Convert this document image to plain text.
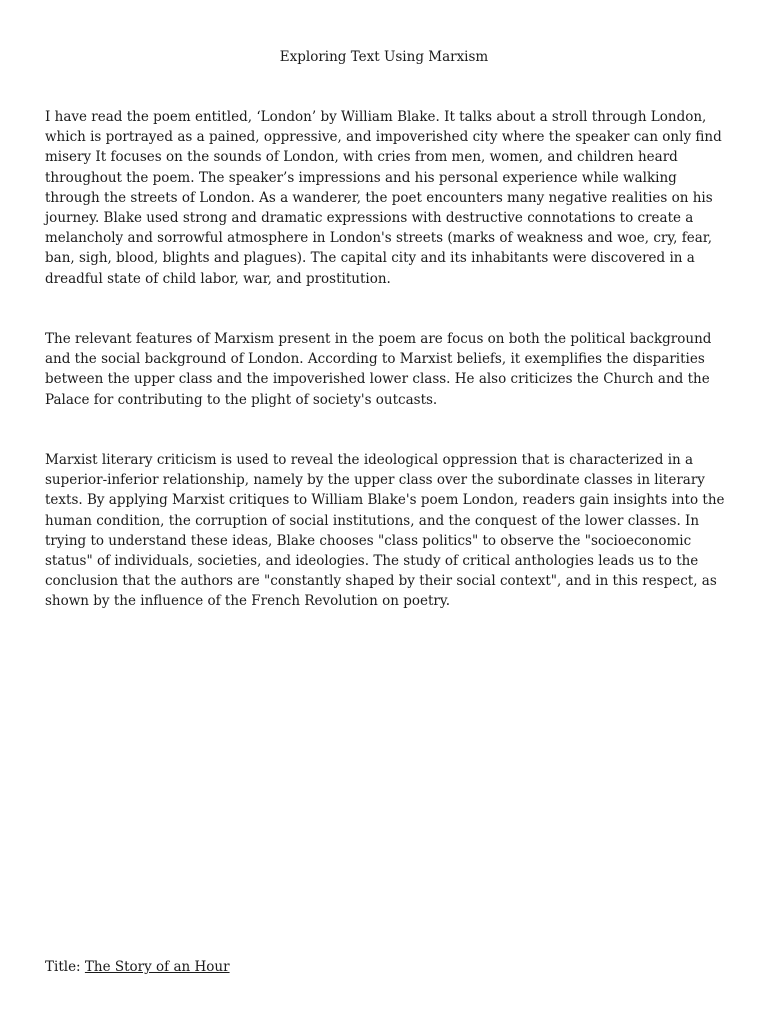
Exploring Text Using Marxism

I have read the poem entitled, ‘London’ by William Blake. It talks about a stroll through London, which is portrayed as a pained, oppressive, and impoverished city where the speaker can only find misery It focuses on the sounds of London, with cries from men, women, and children heard throughout the poem. The speaker’s impressions and his personal experience while walking through the streets of London. As a wanderer, the poet encounters many negative realities on his journey. Blake used strong and dramatic expressions with destructive connotations to create a melancholy and sorrowful atmosphere in London's streets (marks of weakness and woe, cry, fear, ban, sigh, blood, blights and plagues). The capital city and its inhabitants were discovered in a dreadful state of child labor, war, and prostitution.

The relevant features of Marxism present in the poem are focus on both the political background and the social background of London. According to Marxist beliefs, it exemplifies the disparities between the upper class and the impoverished lower class. He also criticizes the Church and the Palace for contributing to the plight of society's outcasts.

Marxist literary criticism is used to reveal the ideological oppression that is characterized in a superior-inferior relationship, namely by the upper class over the subordinate classes in literary texts. By applying Marxist critiques to William Blake's poem London, readers gain insights into the human condition, the corruption of social institutions, and the conquest of the lower classes. In trying to understand these ideas, Blake chooses "class politics" to observe the "socioeconomic status" of individuals, societies, and ideologies. The study of critical anthologies leads us to the conclusion that the authors are "constantly shaped by their social context", and in this respect, as shown by the influence of the French Revolution on poetry.

Title: The Story of an Hour
